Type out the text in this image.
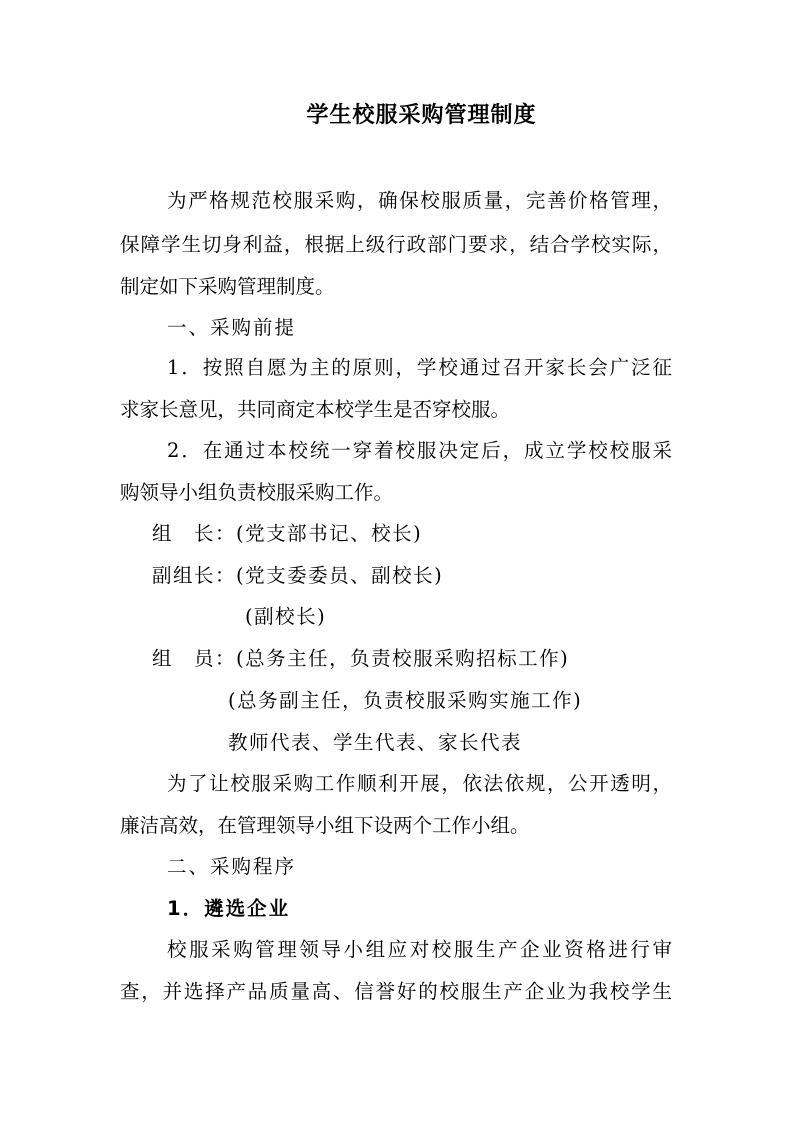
学生校服采购管理制度
为严格规范校服采购，确保校服质量，完善价格管理，
保障学生切身利益，根据上级行政部门要求，结合学校实际，
制定如下采购管理制度。
一、采购前提
1．按照自愿为主的原则，学校通过召开家长会广泛征
求家长意见，共同商定本校学生是否穿校服。
2．在通过本校统一穿着校服决定后，成立学校校服采
购领导小组负责校服采购工作。
组　长：(党支部书记、校长)
副组长：(党支委委员、副校长)
(副校长)
组　员：(总务主任，负责校服采购招标工作)
(总务副主任，负责校服采购实施工作)
教师代表、学生代表、家长代表
为了让校服采购工作顺利开展，依法依规，公开透明，
廉洁高效，在管理领导小组下设两个工作小组。
二、采购程序
1．遴选企业
校服采购管理领导小组应对校服生产企业资格进行审
查，并选择产品质量高、信誉好的校服生产企业为我校学生
